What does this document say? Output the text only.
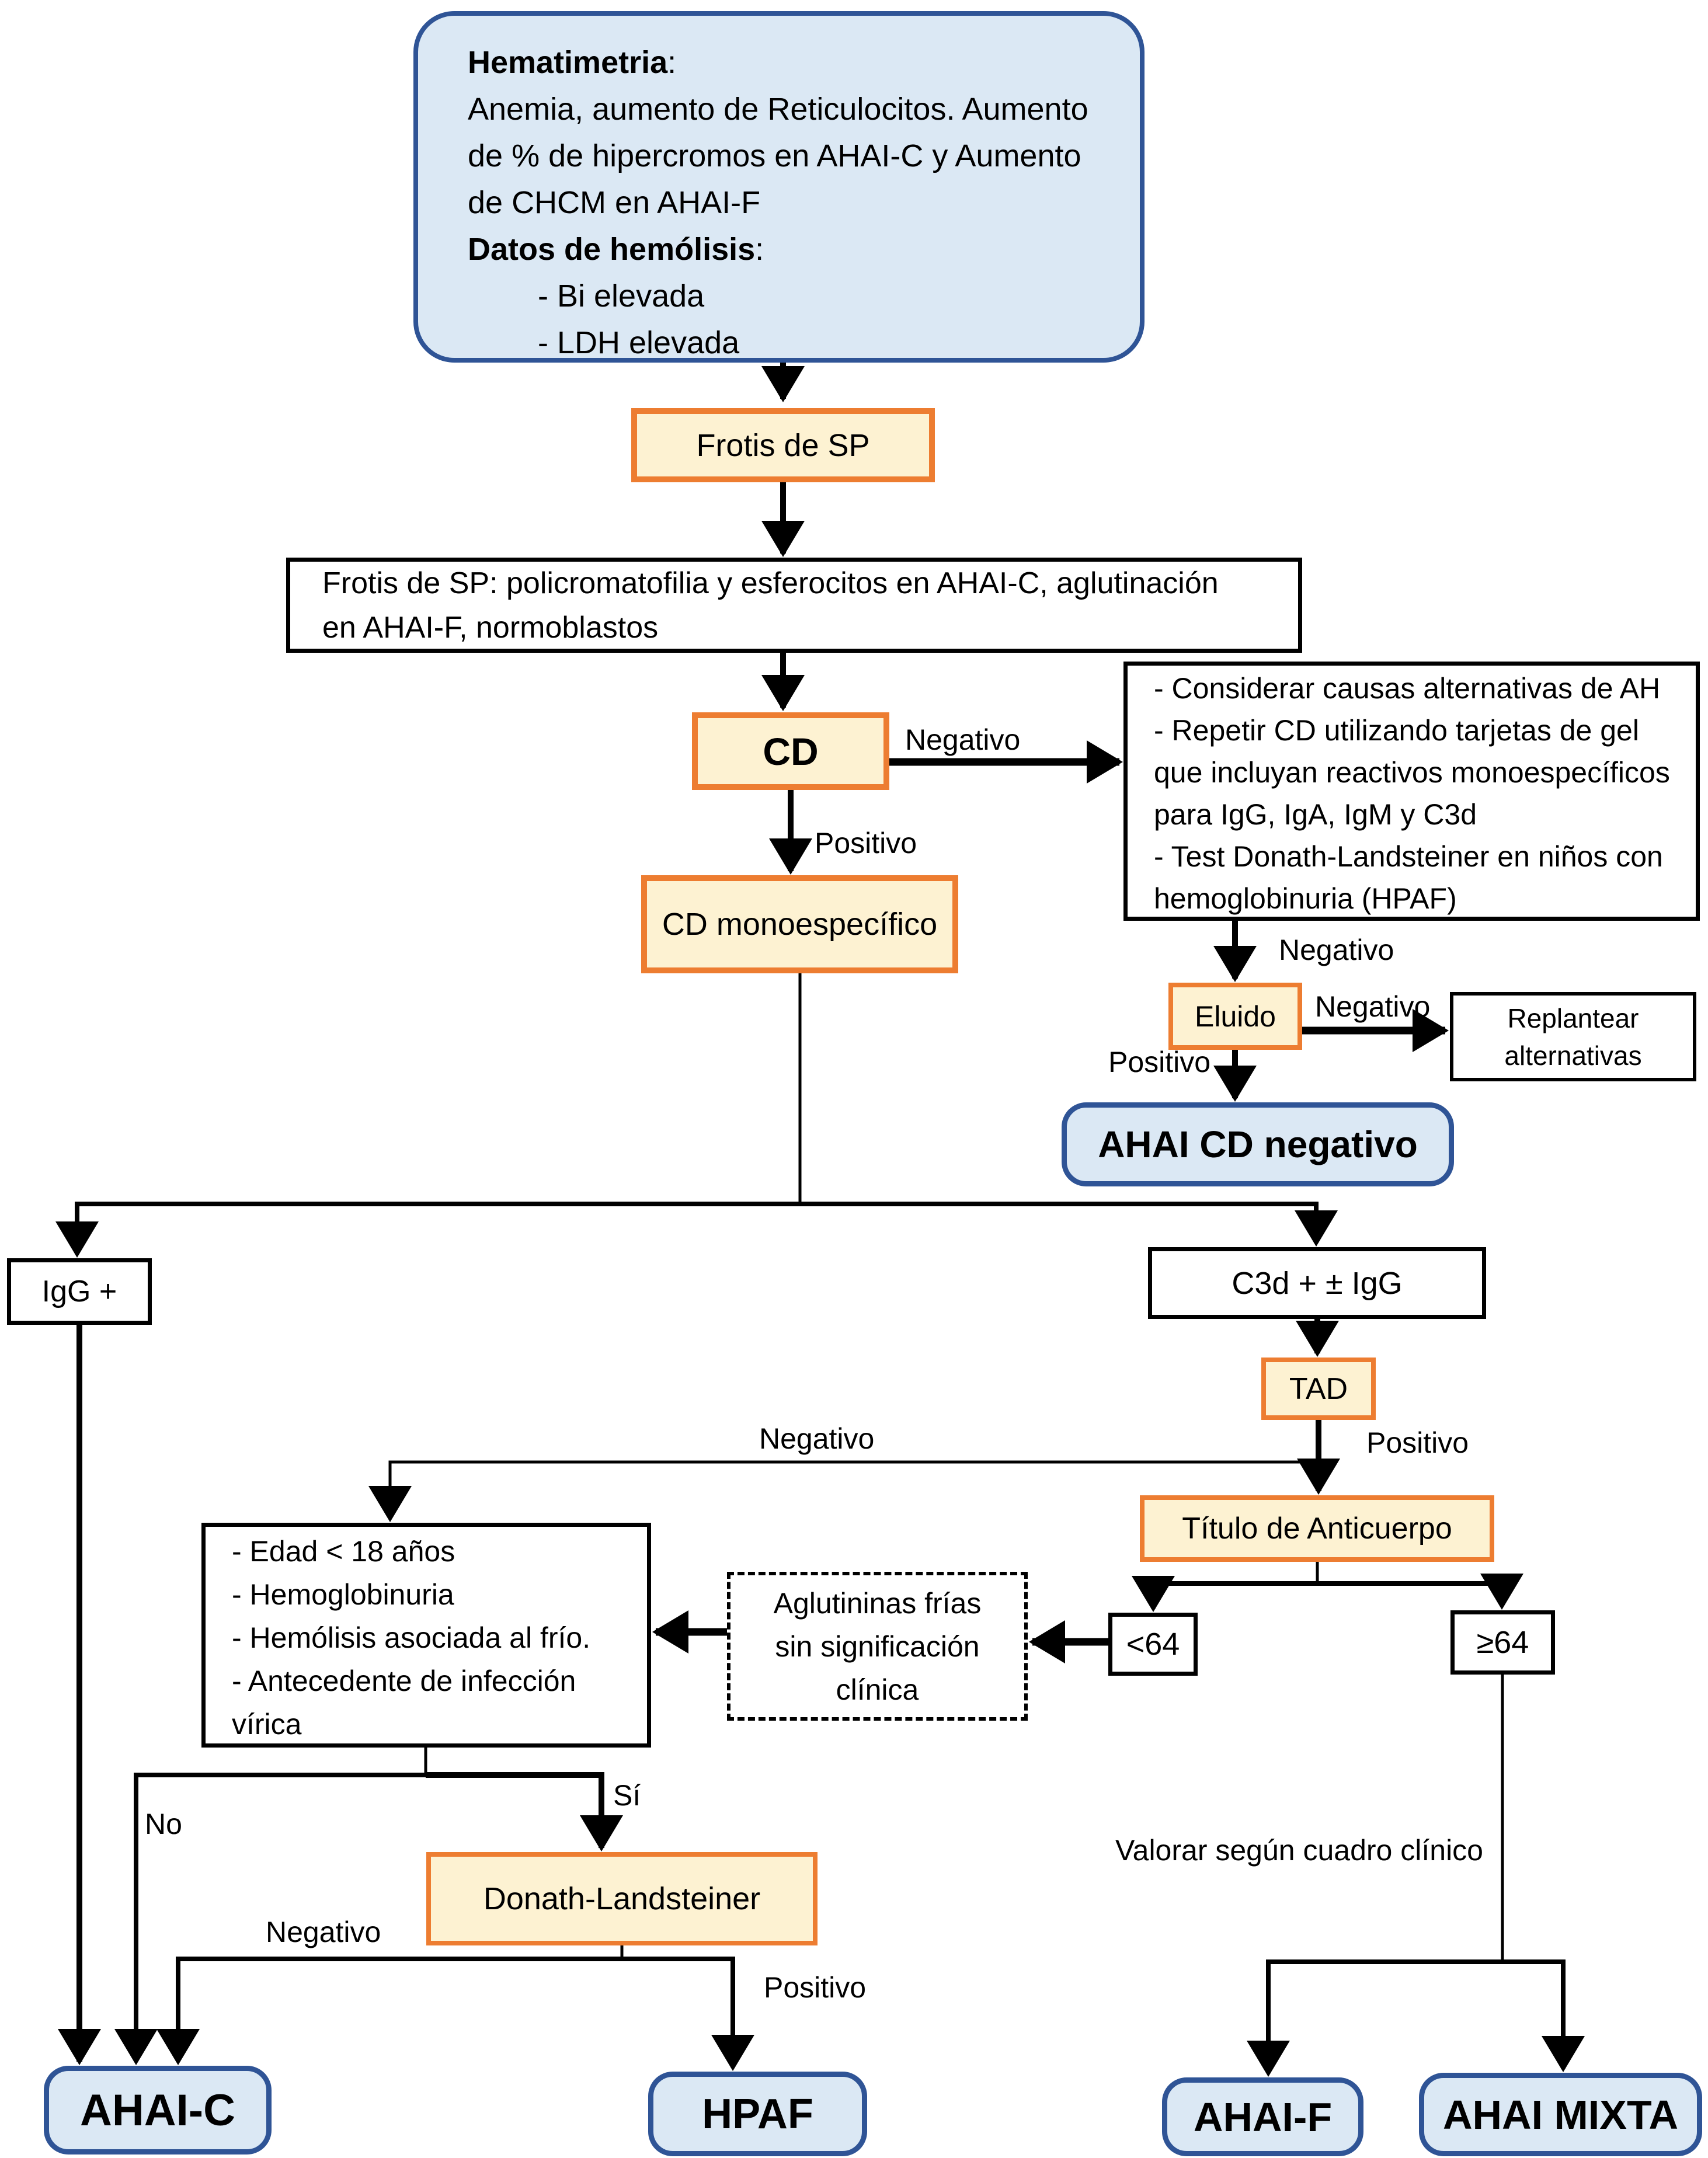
Hematimetria:
Anemia, aumento de Reticulocitos. Aumento
de % de hipercromos en AHAI-C y Aumento
de CHCM en AHAI-F
Datos de hemólisis:
- Bi elevada
- LDH elevada
Frotis de SP
Frotis de SP: policromatofilia y esferocitos en AHAI-C, aglutinación
en AHAI-F, normoblastos
CD
- Considerar causas alternativas de AH
- Repetir CD utilizando tarjetas de gel
que incluyan reactivos monoespecíficos
para IgG, IgA, IgM y C3d
- Test Donath-Landsteiner en niños con
hemoglobinuria (HPAF)
CD monoespecífico
Eluido	Replantear
alternativas
AHAI CD negativo
IgG +	C3d + ± IgG
TAD
Título de Anticuerpo
<64	≥64
Aglutininas frías
sin significación
clínica
- Edad < 18 años
- Hemoglobinuria
- Hemólisis asociada al frío.
- Antecedente de infección
vírica
Donath-Landsteiner
Valorar según cuadro clínico
AHAI-C	HPAF	AHAI-F	AHAI MIXTA
Negativo
Positivo
Negativo
Negativo
Positivo
Negativo	Positivo
No
Sí
Negativo
Positivo
